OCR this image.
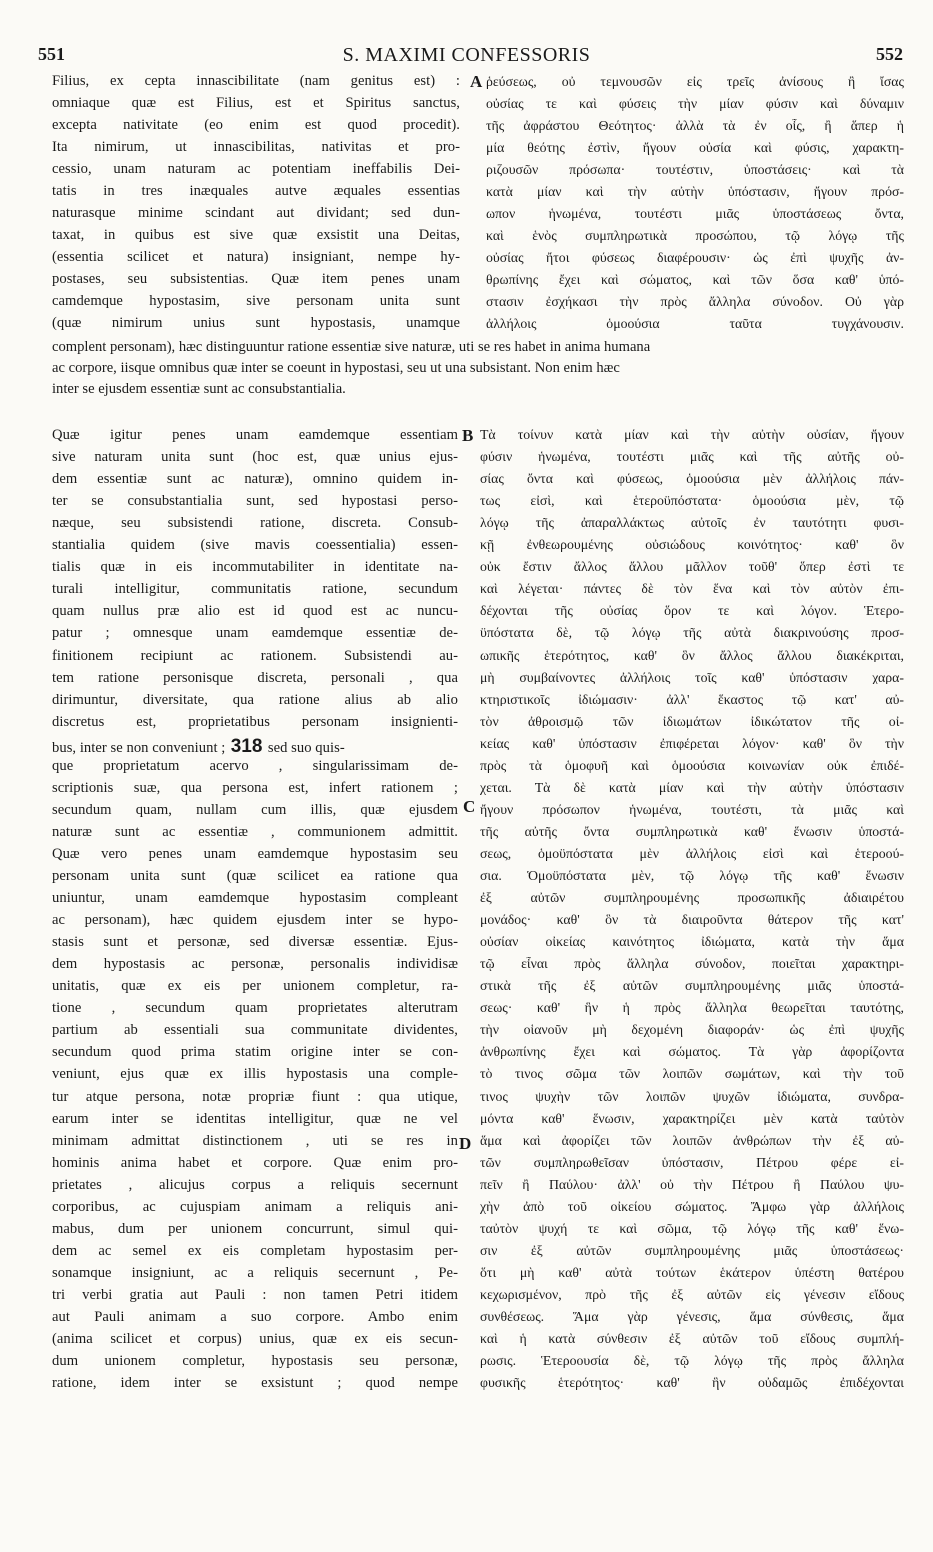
551	S. MAXIMI CONFESSORIS	552
Filius, ex cepta innascibilitate (nam genitus est) :
omniaque quæ est Filius, est et Spiritus sanctus,
excepta nativitate (eo enim est quod procedit).
Ita nimirum, ut innascibilitas, nativitas et pro-
cessio, unam naturam ac potentiam ineffabilis Dei-
tatis in tres inæquales autve æquales essentias
naturasque minime scindant aut dividant; sed dun-
taxat, in quibus est sive quæ exsistit una Deitas,
(essentia scilicet et natura) insigniant, nempe hy-
postases, seu subsistentias. Quæ item penes unam
camdemque hypostasim, sive personam unita sunt
(quæ nimirum unius sunt hypostasis, unamque
ῥεύσεως, οὐ τεμνουσῶν εἰς τρεῖς ἀνίσους ἢ ἴσας
οὐσίας τε καὶ φύσεις τὴν μίαν φύσιν καὶ δύναμιν
τῆς ἀφράστου Θεότητος· ἀλλὰ τὰ ἐν οἷς, ἢ ἅπερ ἡ
μία θεότης ἐστὶν, ἤγουν οὐσία καὶ φύσις, χαρακτη-
ριζουσῶν πρόσωπα· τουτέστιν, ὑποστάσεις· καὶ τὰ
κατὰ μίαν καὶ τὴν αὐτὴν ὑπόστασιν, ἤγουν πρόσ-
ωπον ἡνωμένα, τουτέστι μιᾶς ὑποστάσεως ὄντα,
καὶ ἑνὸς συμπληρωτικὰ προσώπου, τῷ λόγῳ τῆς
οὐσίας ἤτοι φύσεως διαφέρουσιν· ὡς ἐπὶ ψυχῆς ἀν-
θρωπίνης ἔχει καὶ σώματος, καὶ τῶν ὅσα καθ' ὑπό-
στασιν ἐσχήκασι τὴν πρὸς ἄλληλα σύνοδον. Οὐ γὰρ
ἀλλήλοις ὁμοούσια ταῦτα τυγχάνουσιν.
complent personam), hæc distinguuntur ratione essentiæ sive naturæ, uti se res habet in anima humana
ac corpore, iisque omnibus quæ inter se coeunt in hypostasi, seu ut una subsistant. Non enim hæc
inter se ejusdem essentiæ sunt ac consubstantialia.
Quæ igitur penes unam eamdemque essentiam
sive naturam unita sunt (hoc est, quæ unius ejus-
dem essentiæ sunt ac naturæ), omnino quidem in-
ter se consubstantialia sunt, sed hypostasi perso-
næque, seu subsistendi ratione, discreta. Consub-
stantialia quidem (sive mavis coessentialia) essen-
tialis quæ in eis incommutabiliter in identitate na-
turali intelligitur, communitatis ratione, secundum
quam nullus præ alio est id quod est ac nuncu-
patur ; omnesque unam eamdemque essentiæ de-
finitionem recipiunt ac rationem. Subsistendi au-
tem ratione personisque discreta, personali , qua
dirimuntur, diversitate, qua ratione alius ab alio
discretus est, proprietatibus personam insignienti-
bus, inter se non conveniunt ; 318 sed suo quis-
que proprietatum acervo , singularissimam de-
scriptionis suæ, qua persona est, infert rationem ;
secundum quam, nullam cum illis, quæ ejusdem
naturæ sunt ac essentiæ , communionem admittit.
Quæ vero penes unam eamdemque hypostasim seu
personam unita sunt (quæ scilicet ea ratione qua
uniuntur, unam eamdemque hypostasim compleant
ac personam), hæc quidem ejusdem inter se hypo-
stasis sunt et personæ, sed diversæ essentiæ. Ejus-
dem hypostasis ac personæ, personalis individisæ
unitatis, quæ ex eis per unionem completur, ra-
tione , secundum quam proprietates alterutram
partium ab essentiali sua communitate dividentes,
secundum quod prima statim origine inter se con-
veniunt, ejus quæ ex illis hypostasis una comple-
tur atque persona, notæ propriæ fiunt : qua utique,
earum inter se identitas intelligitur, quæ ne vel
minimam admittat distinctionem , uti se res in
hominis anima habet et corpore. Quæ enim pro-
prietates , alicujus corpus a reliquis secernunt
corporibus, ac cujuspiam animam a reliquis ani-
mabus, dum per unionem concurrunt, simul qui-
dem ac semel ex eis completam hypostasim per-
sonamque insigniunt, ac a reliquis secernunt , Pe-
tri verbi gratia aut Pauli : non tamen Petri itidem
aut Pauli animam a suo corpore. Ambo enim
(anima scilicet et corpus) unius, quæ ex eis secun-
dum unionem completur, hypostasis seu personæ,
ratione, idem inter se exsistunt ; quod nempe
Τὰ τοίνυν κατὰ μίαν καὶ τὴν αὐτὴν οὐσίαν, ἤγουν
φύσιν ἡνωμένα, τουτέστι μιᾶς καὶ τῆς αὐτῆς οὐ-
σίας ὄντα καὶ φύσεως, ὁμοούσια μὲν ἀλλήλοις πάν-
τως εἰσὶ, καὶ ἑτεροϋπόστατα· ὁμοούσια μὲν, τῷ
λόγῳ τῆς ἀπαραλλάκτως αὐτοῖς ἐν ταυτότητι φυσι-
κῇ ἐνθεωρουμένης οὐσιώδους κοινότητος· καθ' ὃν
οὐκ ἔστιν ἄλλος ἄλλου μᾶλλον τοῦθ' ὅπερ ἐστὶ τε
καὶ λέγεται· πάντες δὲ τὸν ἕνα καὶ τὸν αὐτὸν ἐπι-
δέχονται τῆς οὐσίας ὅρον τε καὶ λόγον. Ἑτερο-
ϋπόστατα δὲ, τῷ λόγῳ τῆς αὐτὰ διακρινούσης προσ-
ωπικῆς ἑτερότητος, καθ' ὃν ἄλλος ἄλλου διακέκριται,
μὴ συμβαίνοντες ἀλλήλοις τοῖς καθ' ὑπόστασιν χαρα-
κτηριστικοῖς ἰδιώμασιν· ἀλλ' ἕκαστος τῷ κατ' αὐ-
τὸν ἀθροισμῷ τῶν ἰδιωμάτων ἰδικώτατον τῆς οἰ-
κείας καθ' ὑπόστασιν ἐπιφέρεται λόγον· καθ' ὃν τὴν
πρὸς τὰ ὁμοφυῆ καὶ ὁμοούσια κοινωνίαν οὐκ ἐπιδέ-
χεται. Τὰ δὲ κατὰ μίαν καὶ τὴν αὐτὴν ὑπόστασιν
ἤγουν πρόσωπον ἡνωμένα, τουτέστι, τὰ μιᾶς καὶ
τῆς αὐτῆς ὄντα συμπληρωτικὰ καθ' ἕνωσιν ὑποστά-
σεως, ὁμοϋπόστατα μὲν ἀλλήλοις εἰσὶ καὶ ἑτεροού-
σια. Ὁμοϋπόστατα μὲν, τῷ λόγῳ τῆς καθ' ἕνωσιν
ἐξ αὐτῶν συμπληρουμένης προσωπικῆς ἀδιαιρέτου
μονάδος· καθ' ὃν τὰ διαιροῦντα θάτερον τῆς κατ'
οὐσίαν οἰκείας καινότητος ἰδιώματα, κατὰ τὴν ἅμα
τῷ εἶναι πρὸς ἄλληλα σύνοδον, ποιεῖται χαρακτηρι-
στικὰ τῆς ἐξ αὐτῶν συμπληρουμένης μιᾶς ὑποστά-
σεως· καθ' ἣν ἡ πρὸς ἄλληλα θεωρεῖται ταυτότης,
τὴν οἱανοῦν μὴ δεχομένη διαφοράν· ὡς ἐπὶ ψυχῆς
ἀνθρωπίνης ἔχει καὶ σώματος. Τὰ γὰρ ἀφορίζοντα
τὸ τινος σῶμα τῶν λοιπῶν σωμάτων, καὶ τὴν τοῦ
τινος ψυχὴν τῶν λοιπῶν ψυχῶν ἰδιώματα, συνδρα-
μόντα καθ' ἕνωσιν, χαρακτηρίζει μὲν κατὰ ταὐτὸν
ἅμα καὶ ἀφορίζει τῶν λοιπῶν ἀνθρώπων τὴν ἐξ αὐ-
τῶν συμπληρωθεῖσαν ὑπόστασιν, Πέτρου φέρε εἰ-
πεῖν ἢ Παύλου· ἀλλ' οὐ τὴν Πέτρου ἢ Παύλου ψυ-
χὴν ἀπὸ τοῦ οἰκείου σώματος. Ἄμφω γὰρ ἀλλήλοις
ταὐτὸν ψυχή τε καὶ σῶμα, τῷ λόγῳ τῆς καθ' ἕνω-
σιν ἐξ αὐτῶν συμπληρουμένης μιᾶς ὑποστάσεως·
ὅτι μὴ καθ' αὐτὰ τούτων ἑκάτερον ὑπέστη θατέρου
κεχωρισμένον, πρὸ τῆς ἐξ αὐτῶν εἰς γένεσιν εἴδους
συνθέσεως. Ἅμα γὰρ γένεσις, ἅμα σύνθεσις, ἅμα
καὶ ἡ κατὰ σύνθεσιν ἐξ αὐτῶν τοῦ εἴδους συμπλή-
ρωσις. Ἑτεροουσία δὲ, τῷ λόγῳ τῆς πρὸς ἄλληλα
φυσικῆς ἑτερότητος· καθ' ἣν οὐδαμῶς ἐπιδέχονται
A
B
C
D
